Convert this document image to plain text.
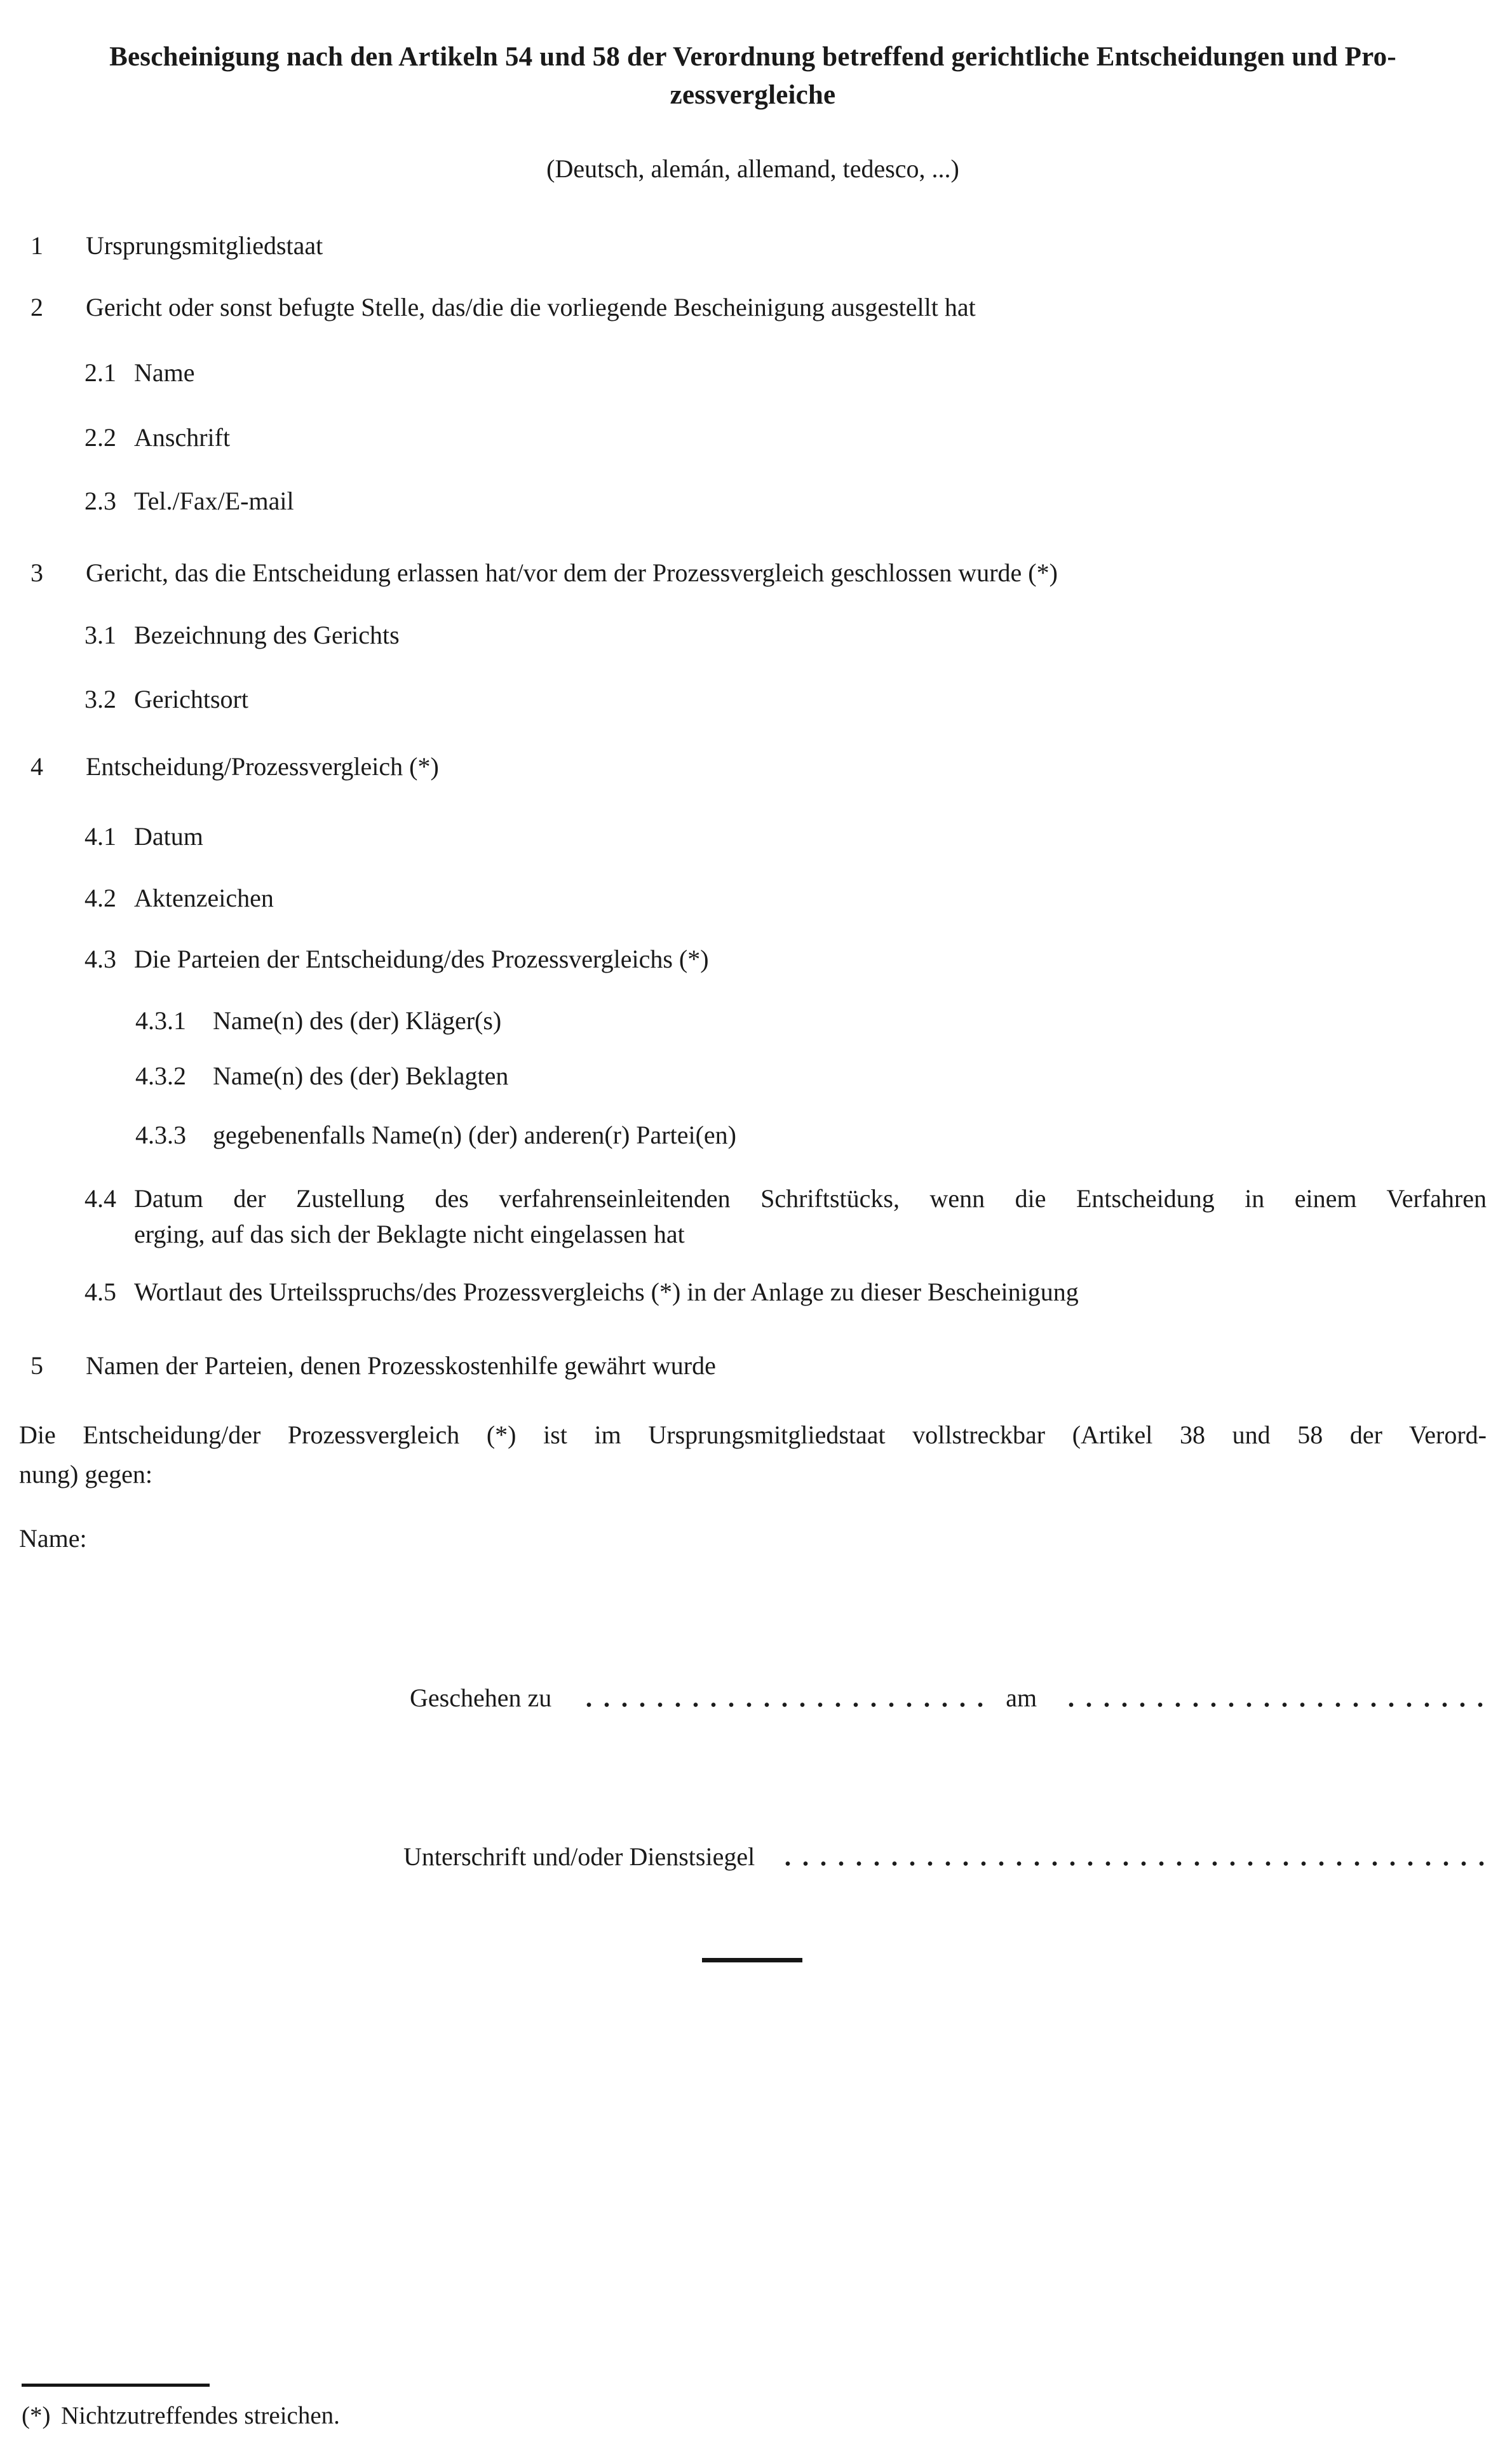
Bescheinigung nach den Artikeln 54 und 58 der Verordnung betreffend gerichtliche Entscheidungen und Pro-
zessvergleiche
(Deutsch, alemán, allemand, tedesco, ...)
1 Ursprungsmitgliedstaat
2 Gericht oder sonst befugte Stelle, das/die die vorliegende Bescheinigung ausgestellt hat
2.1 Name
2.2 Anschrift
2.3 Tel./Fax/E-mail
3 Gericht, das die Entscheidung erlassen hat/vor dem der Prozessvergleich geschlossen wurde (*)
3.1 Bezeichnung des Gerichts
3.2 Gerichtsort
4 Entscheidung/Prozessvergleich (*)
4.1 Datum
4.2 Aktenzeichen
4.3 Die Parteien der Entscheidung/des Prozessvergleichs (*)
4.3.1 Name(n) des (der) Kläger(s)
4.3.2 Name(n) des (der) Beklagten
4.3.3 gegebenenfalls Name(n) (der) anderen(r) Partei(en)
4.4 Datum der Zustellung des verfahrenseinleitenden Schriftstücks, wenn die Entscheidung in einem Verfahren
erging, auf das sich der Beklagte nicht eingelassen hat
4.5 Wortlaut des Urteilsspruchs/des Prozessvergleichs (*) in der Anlage zu dieser Bescheinigung
5 Namen der Parteien, denen Prozesskostenhilfe gewährt wurde
Die Entscheidung/der Prozessvergleich (*) ist im Ursprungsmitgliedstaat vollstreckbar (Artikel 38 und 58 der Verord-
nung) gegen:
Name:
Geschehen zu	am
Unterschrift und/oder Dienstsiegel
(*) Nichtzutreffendes streichen.
